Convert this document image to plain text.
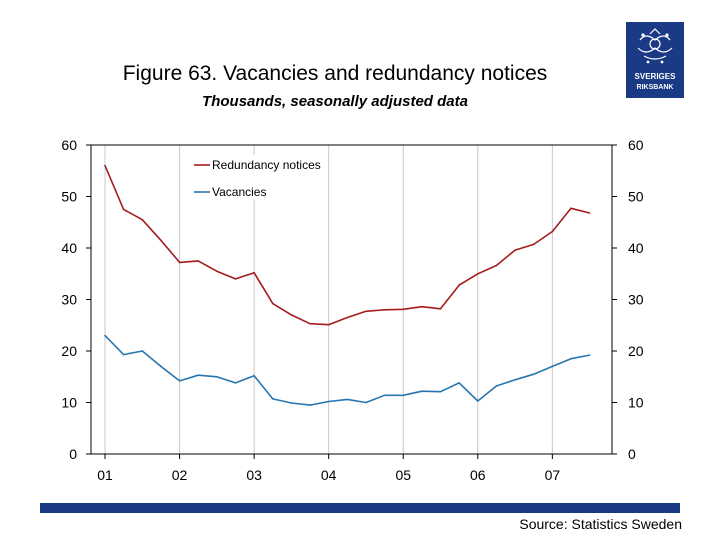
Figure 63. Vacancies and redundancy notices
Thousands, seasonally adjusted data
SVERIGES
RIKSBANK
01	02	03	04	05	06	07
0	0
10	10
20	20
30	30
40	40
50	50
60	60
Redundancy notices
Vacancies
Source: Statistics Sweden
